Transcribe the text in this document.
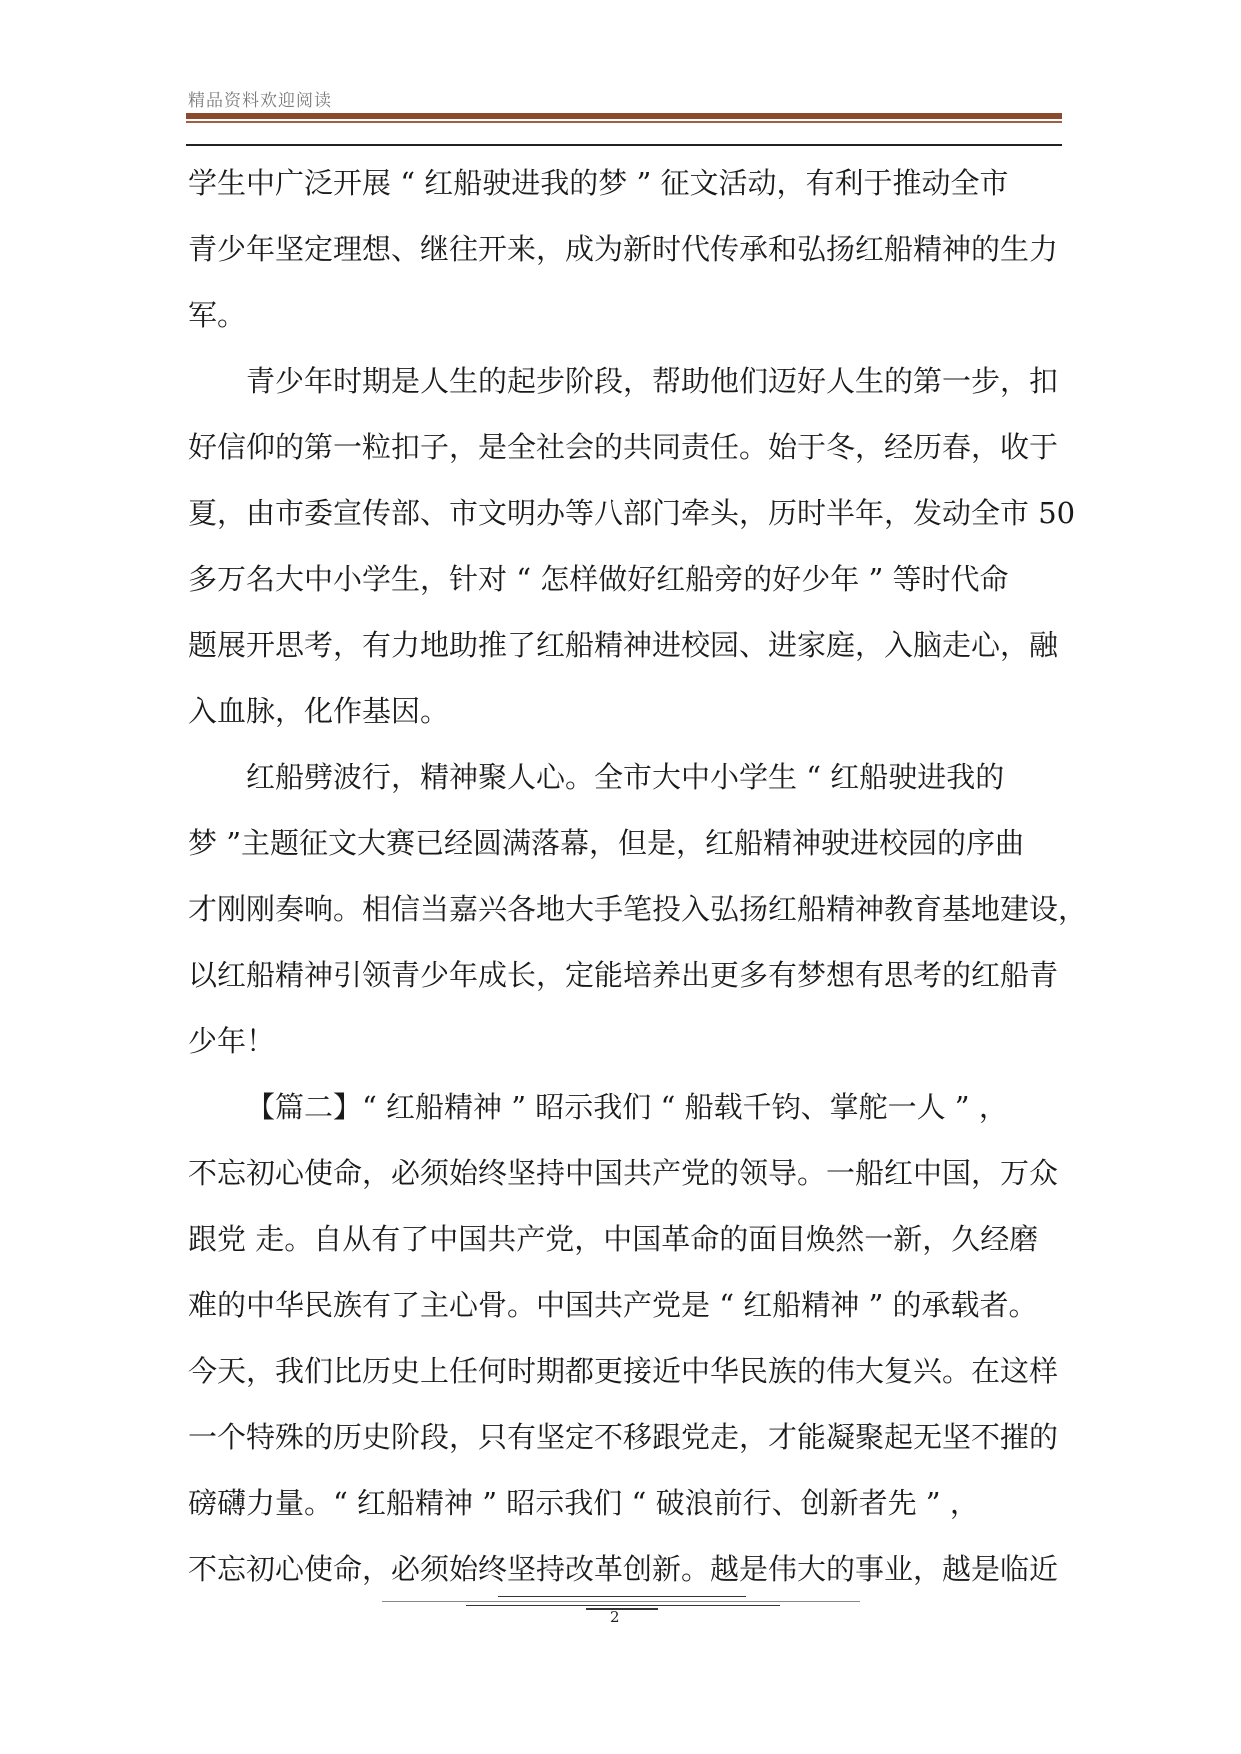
精品资料欢迎阅读
学生中广泛开展 “ 红船驶进我的梦 ” 征文活动，有利于推动全市
青少年坚定理想、继往开来，成为新时代传承和弘扬红船精神的生力
军。
青少年时期是人生的起步阶段，帮助他们迈好人生的第一步，扣
好信仰的第一粒扣子，是全社会的共同责任。始于冬，经历春，收于
夏，由市委宣传部、市文明办等八部门牵头，历时半年，发动全市 50
多万名大中小学生，针对 “ 怎样做好红船旁的好少年 ” 等时代命
题展开思考，有力地助推了红船精神进校园、进家庭，入脑走心，融
入血脉，化作基因。
红船劈波行，精神聚人心。全市大中小学生 “ 红船驶进我的
梦 ”主题征文大赛已经圆满落幕，但是，红船精神驶进校园的序曲
才刚刚奏响。相信当嘉兴各地大手笔投入弘扬红船精神教育基地建设，
以红船精神引领青少年成长，定能培养出更多有梦想有思考的红船青
少年！
【篇二】“ 红船精神 ” 昭示我们 “ 船载千钧、掌舵一人 ” ，
不忘初心使命，必须始终坚持中国共产党的领导。一船红中国，万众
跟党 走。自从有了中国共产党，中国革命的面目焕然一新，久经磨
难的中华民族有了主心骨。中国共产党是 “ 红船精神 ” 的承载者。
今天，我们比历史上任何时期都更接近中华民族的伟大复兴。在这样
一个特殊的历史阶段，只有坚定不移跟党走，才能凝聚起无坚不摧的
磅礴力量。“ 红船精神 ” 昭示我们 “ 破浪前行、创新者先 ” ，
不忘初心使命，必须始终坚持改革创新。越是伟大的事业，越是临近
2
